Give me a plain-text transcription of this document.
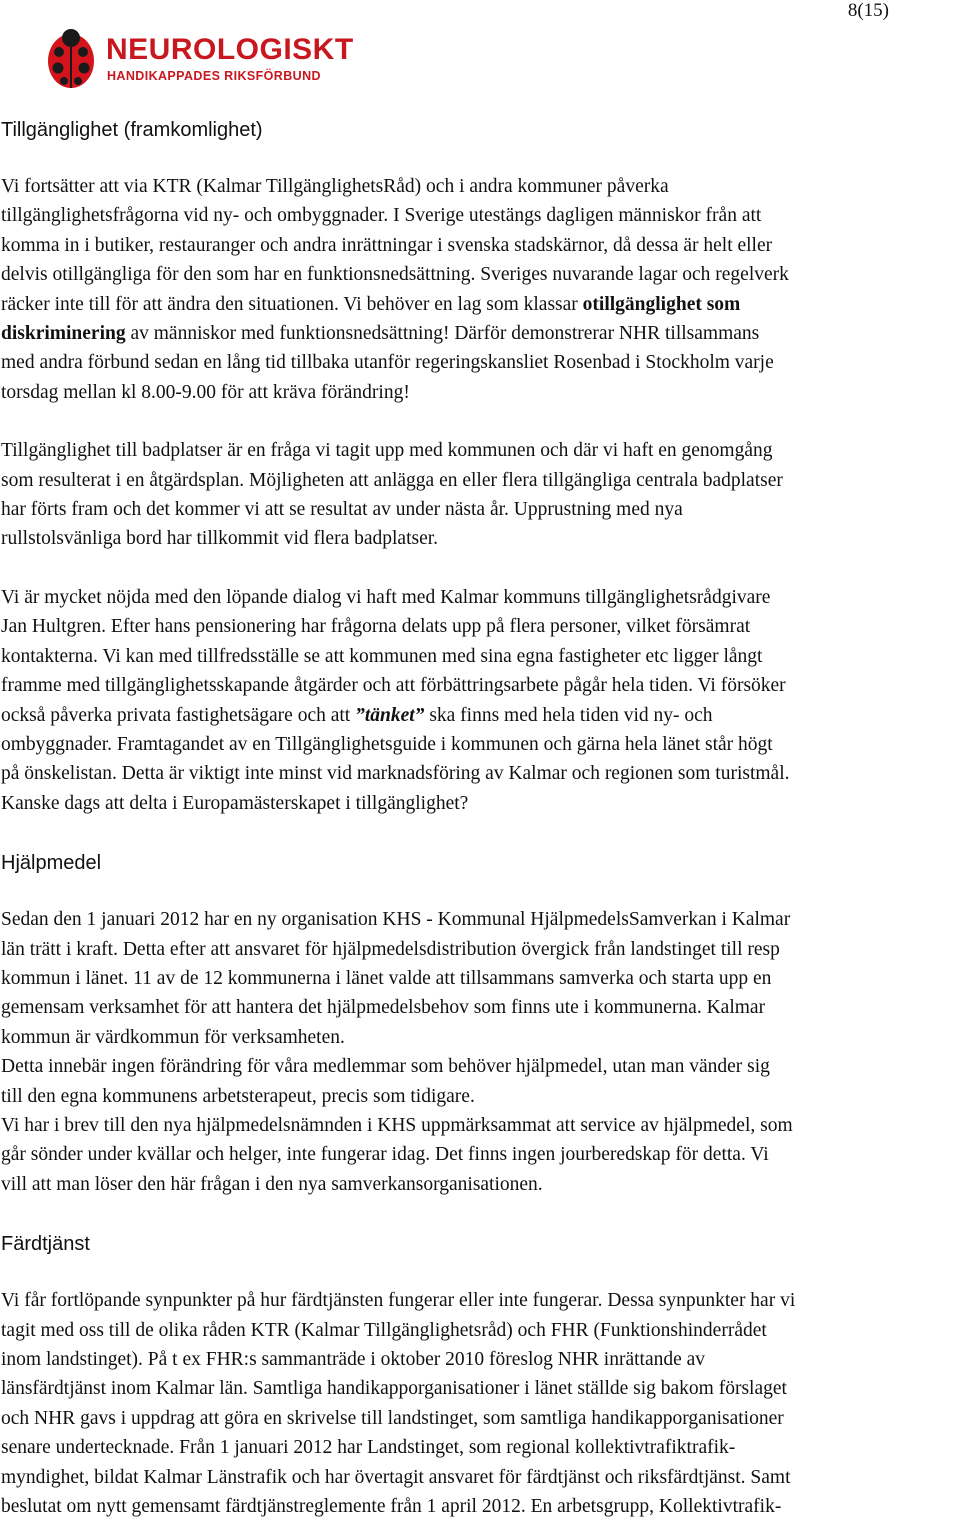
8(15)
NEUROLOGISKT
HANDIKAPPADES RIKSFÖRBUND
Tillgänglighet (framkomlighet)

Vi fortsätter att via KTR (Kalmar TillgänglighetsRåd) och i andra kommuner påverka

tillgänglighetsfrågorna vid ny- och ombyggnader. I Sverige utestängs dagligen människor från att

komma in i butiker, restauranger och andra inrättningar i svenska stadskärnor, då dessa är helt eller

delvis otillgängliga för den som har en funktionsnedsättning. Sveriges nuvarande lagar och regelverk

räcker inte till för att ändra den situationen. Vi behöver en lag som klassar otillgänglighet som

diskriminering av människor med funktionsnedsättning! Därför demonstrerar NHR tillsammans

med andra förbund sedan en lång tid tillbaka utanför regeringskansliet Rosenbad i Stockholm varje

torsdag mellan kl 8.00-9.00 för att kräva förändring!

Tillgänglighet till badplatser är en fråga vi tagit upp med kommunen och där vi haft en genomgång

som resulterat i en åtgärdsplan. Möjligheten att anlägga en eller flera tillgängliga centrala badplatser

har förts fram och det kommer vi att se resultat av under nästa år. Upprustning med nya

rullstolsvänliga bord har tillkommit vid flera badplatser.

Vi är mycket nöjda med den löpande dialog vi haft med Kalmar kommuns tillgänglighetsrådgivare

Jan Hultgren. Efter hans pensionering har frågorna delats upp på flera personer, vilket försämrat

kontakterna. Vi kan med tillfredsställe se att kommunen med sina egna fastigheter etc ligger långt

framme med tillgänglighetsskapande åtgärder och att förbättringsarbete pågår hela tiden. Vi försöker

också påverka privata fastighetsägare och att ”tänket” ska finns med hela tiden vid ny- och

ombyggnader. Framtagandet av en Tillgänglighetsguide i kommunen och gärna hela länet står högt

på önskelistan. Detta är viktigt inte minst vid marknadsföring av Kalmar och regionen som turistmål.

Kanske dags att delta i Europamästerskapet i tillgänglighet?

Hjälpmedel

Sedan den 1 januari 2012 har en ny organisation KHS - Kommunal HjälpmedelsSamverkan i Kalmar

län trätt i kraft. Detta efter att ansvaret för hjälpmedelsdistribution övergick från landstinget till resp

kommun i länet. 11 av de 12 kommunerna i länet valde att tillsammans samverka och starta upp en

gemensam verksamhet för att hantera det hjälpmedelsbehov som finns ute i kommunerna. Kalmar

kommun är värdkommun för verksamheten.

Detta innebär ingen förändring för våra medlemmar som behöver hjälpmedel, utan man vänder sig

till den egna kommunens arbetsterapeut, precis som tidigare.

Vi har i brev till den nya hjälpmedelsnämnden i KHS uppmärksammat att service av hjälpmedel, som

går sönder under kvällar och helger, inte fungerar idag. Det finns ingen jourberedskap för detta. Vi

vill att man löser den här frågan i den nya samverkansorganisationen.

Färdtjänst

Vi får fortlöpande synpunkter på hur färdtjänsten fungerar eller inte fungerar. Dessa synpunkter har vi

tagit med oss till de olika råden KTR (Kalmar Tillgänglighetsråd) och FHR (Funktionshinderrådet

inom landstinget). På t ex FHR:s sammanträde i oktober 2010 föreslog NHR inrättande av

länsfärdtjänst inom Kalmar län. Samtliga handikapporganisationer i länet ställde sig bakom förslaget

och NHR gavs i uppdrag att göra en skrivelse till landstinget, som samtliga handikapporganisationer

senare undertecknade. Från 1 januari 2012 har Landstinget, som regional kollektivtrafiktrafik-

myndighet, bildat Kalmar Länstrafik och har övertagit ansvaret för färdtjänst och riksfärdtjänst. Samt

beslutat om nytt gemensamt färdtjänstreglemente från 1 april 2012. En arbetsgrupp, Kollektivtrafik-
